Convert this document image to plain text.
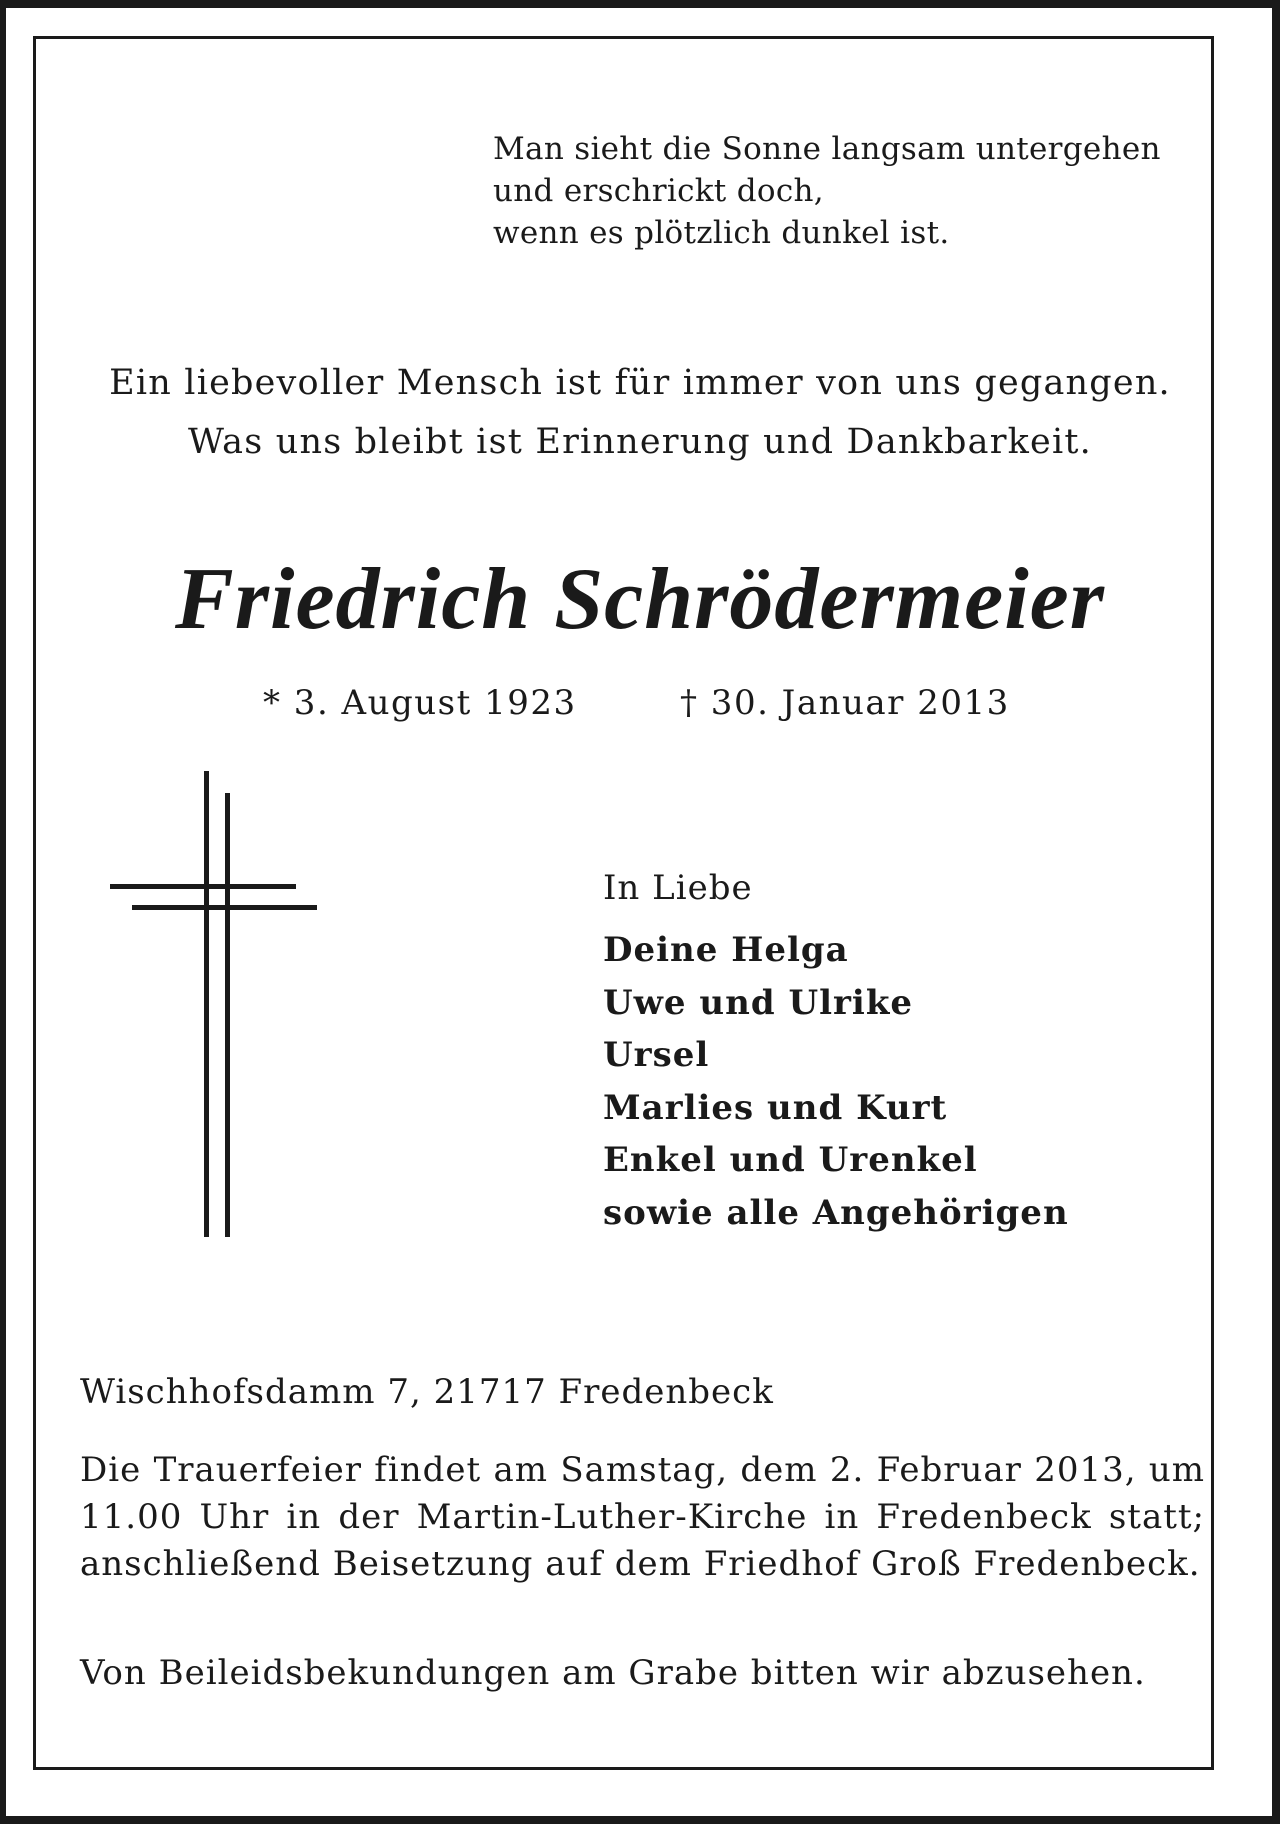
Man sieht die Sonne langsam untergehen
und erschrickt doch,
wenn es plötzlich dunkel ist.
Ein liebevoller Mensch ist für immer von uns gegangen.
Was uns bleibt ist Erinnerung und Dankbarkeit.
Friedrich Schrödermeier
* 3. August 1923	† 30. Januar 2013
In Liebe
Deine Helga
Uwe und Ulrike
Ursel
Marlies und Kurt
Enkel und Urenkel
sowie alle Angehörigen
Wischhofsdamm 7, 21717 Fredenbeck
Die Trauerfeier findet am Samstag, dem 2. Februar 2013, um 11.00 Uhr in der Martin-Luther-Kirche in Fredenbeck statt; anschließend Beisetzung auf dem Friedhof Groß Fredenbeck.
Von Beileidsbekundungen am Grabe bitten wir abzusehen.
